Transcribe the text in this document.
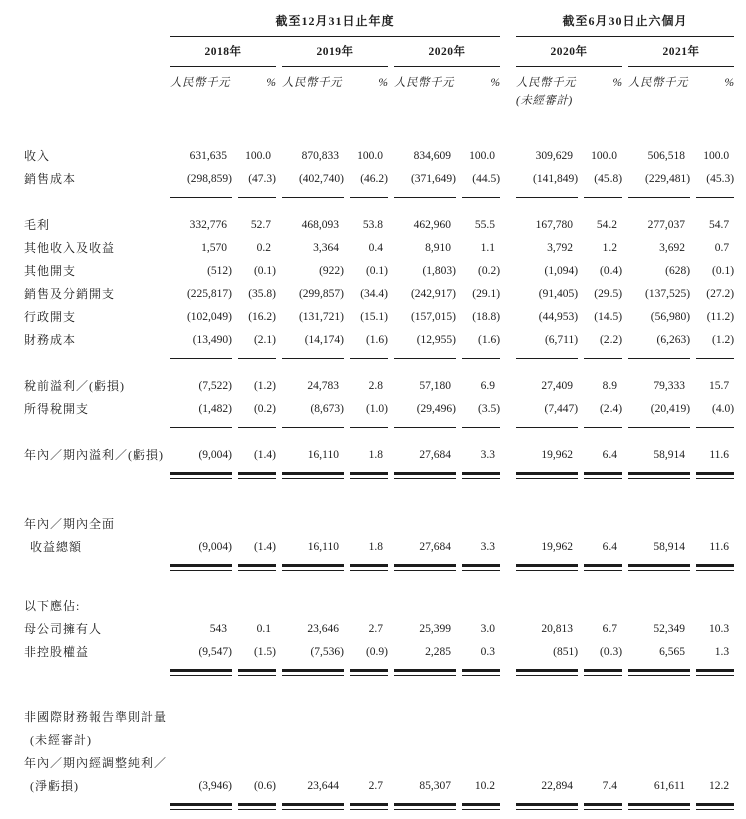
	截至12月31日止年度							截至6月30日止六個月			
	2018年		2019年		2020年			2020年		2021年	
	人民幣千元	%	人民幣千元	%	人民幣千元	%		人民幣千元	%	人民幣千元	%
								(未經審計)			

收入	631,635	100.0	870,833	100.0	834,609	100.0		309,629	100.0	506,518	100.0
銷售成本	(298,859)	(47.3)	(402,740)	(46.2)	(371,649)	(44.5)		(141,849)	(45.8)	(229,481)	(45.3)

毛利	332,776	52.7	468,093	53.8	462,960	55.5		167,780	54.2	277,037	54.7
其他收入及收益	1,570	0.2	3,364	0.4	8,910	1.1		3,792	1.2	3,692	0.7
其他開支	(512)	(0.1)	(922)	(0.1)	(1,803)	(0.2)		(1,094)	(0.4)	(628)	(0.1)
銷售及分銷開支	(225,817)	(35.8)	(299,857)	(34.4)	(242,917)	(29.1)		(91,405)	(29.5)	(137,525)	(27.2)
行政開支	(102,049)	(16.2)	(131,721)	(15.1)	(157,015)	(18.8)		(44,953)	(14.5)	(56,980)	(11.2)
財務成本	(13,490)	(2.1)	(14,174)	(1.6)	(12,955)	(1.6)		(6,711)	(2.2)	(6,263)	(1.2)

稅前溢利／(虧損)	(7,522)	(1.2)	24,783	2.8	57,180	6.9		27,409	8.9	79,333	15.7
所得稅開支	(1,482)	(0.2)	(8,673)	(1.0)	(29,496)	(3.5)		(7,447)	(2.4)	(20,419)	(4.0)

年內／期內溢利／(虧損)	(9,004)	(1.4)	16,110	1.8	27,684	3.3		19,962	6.4	58,914	11.6

年內／期內全面											
收益總額	(9,004)	(1.4)	16,110	1.8	27,684	3.3		19,962	6.4	58,914	11.6

以下應佔:											
母公司擁有人	543	0.1	23,646	2.7	25,399	3.0		20,813	6.7	52,349	10.3
非控股權益	(9,547)	(1.5)	(7,536)	(0.9)	2,285	0.3		(851)	(0.3)	6,565	1.3

非國際財務報告準則計量											
(未經審計)											
年內／期內經調整純利／											
(淨虧損)	(3,946)	(0.6)	23,644	2.7	85,307	10.2		22,894	7.4	61,611	12.2
